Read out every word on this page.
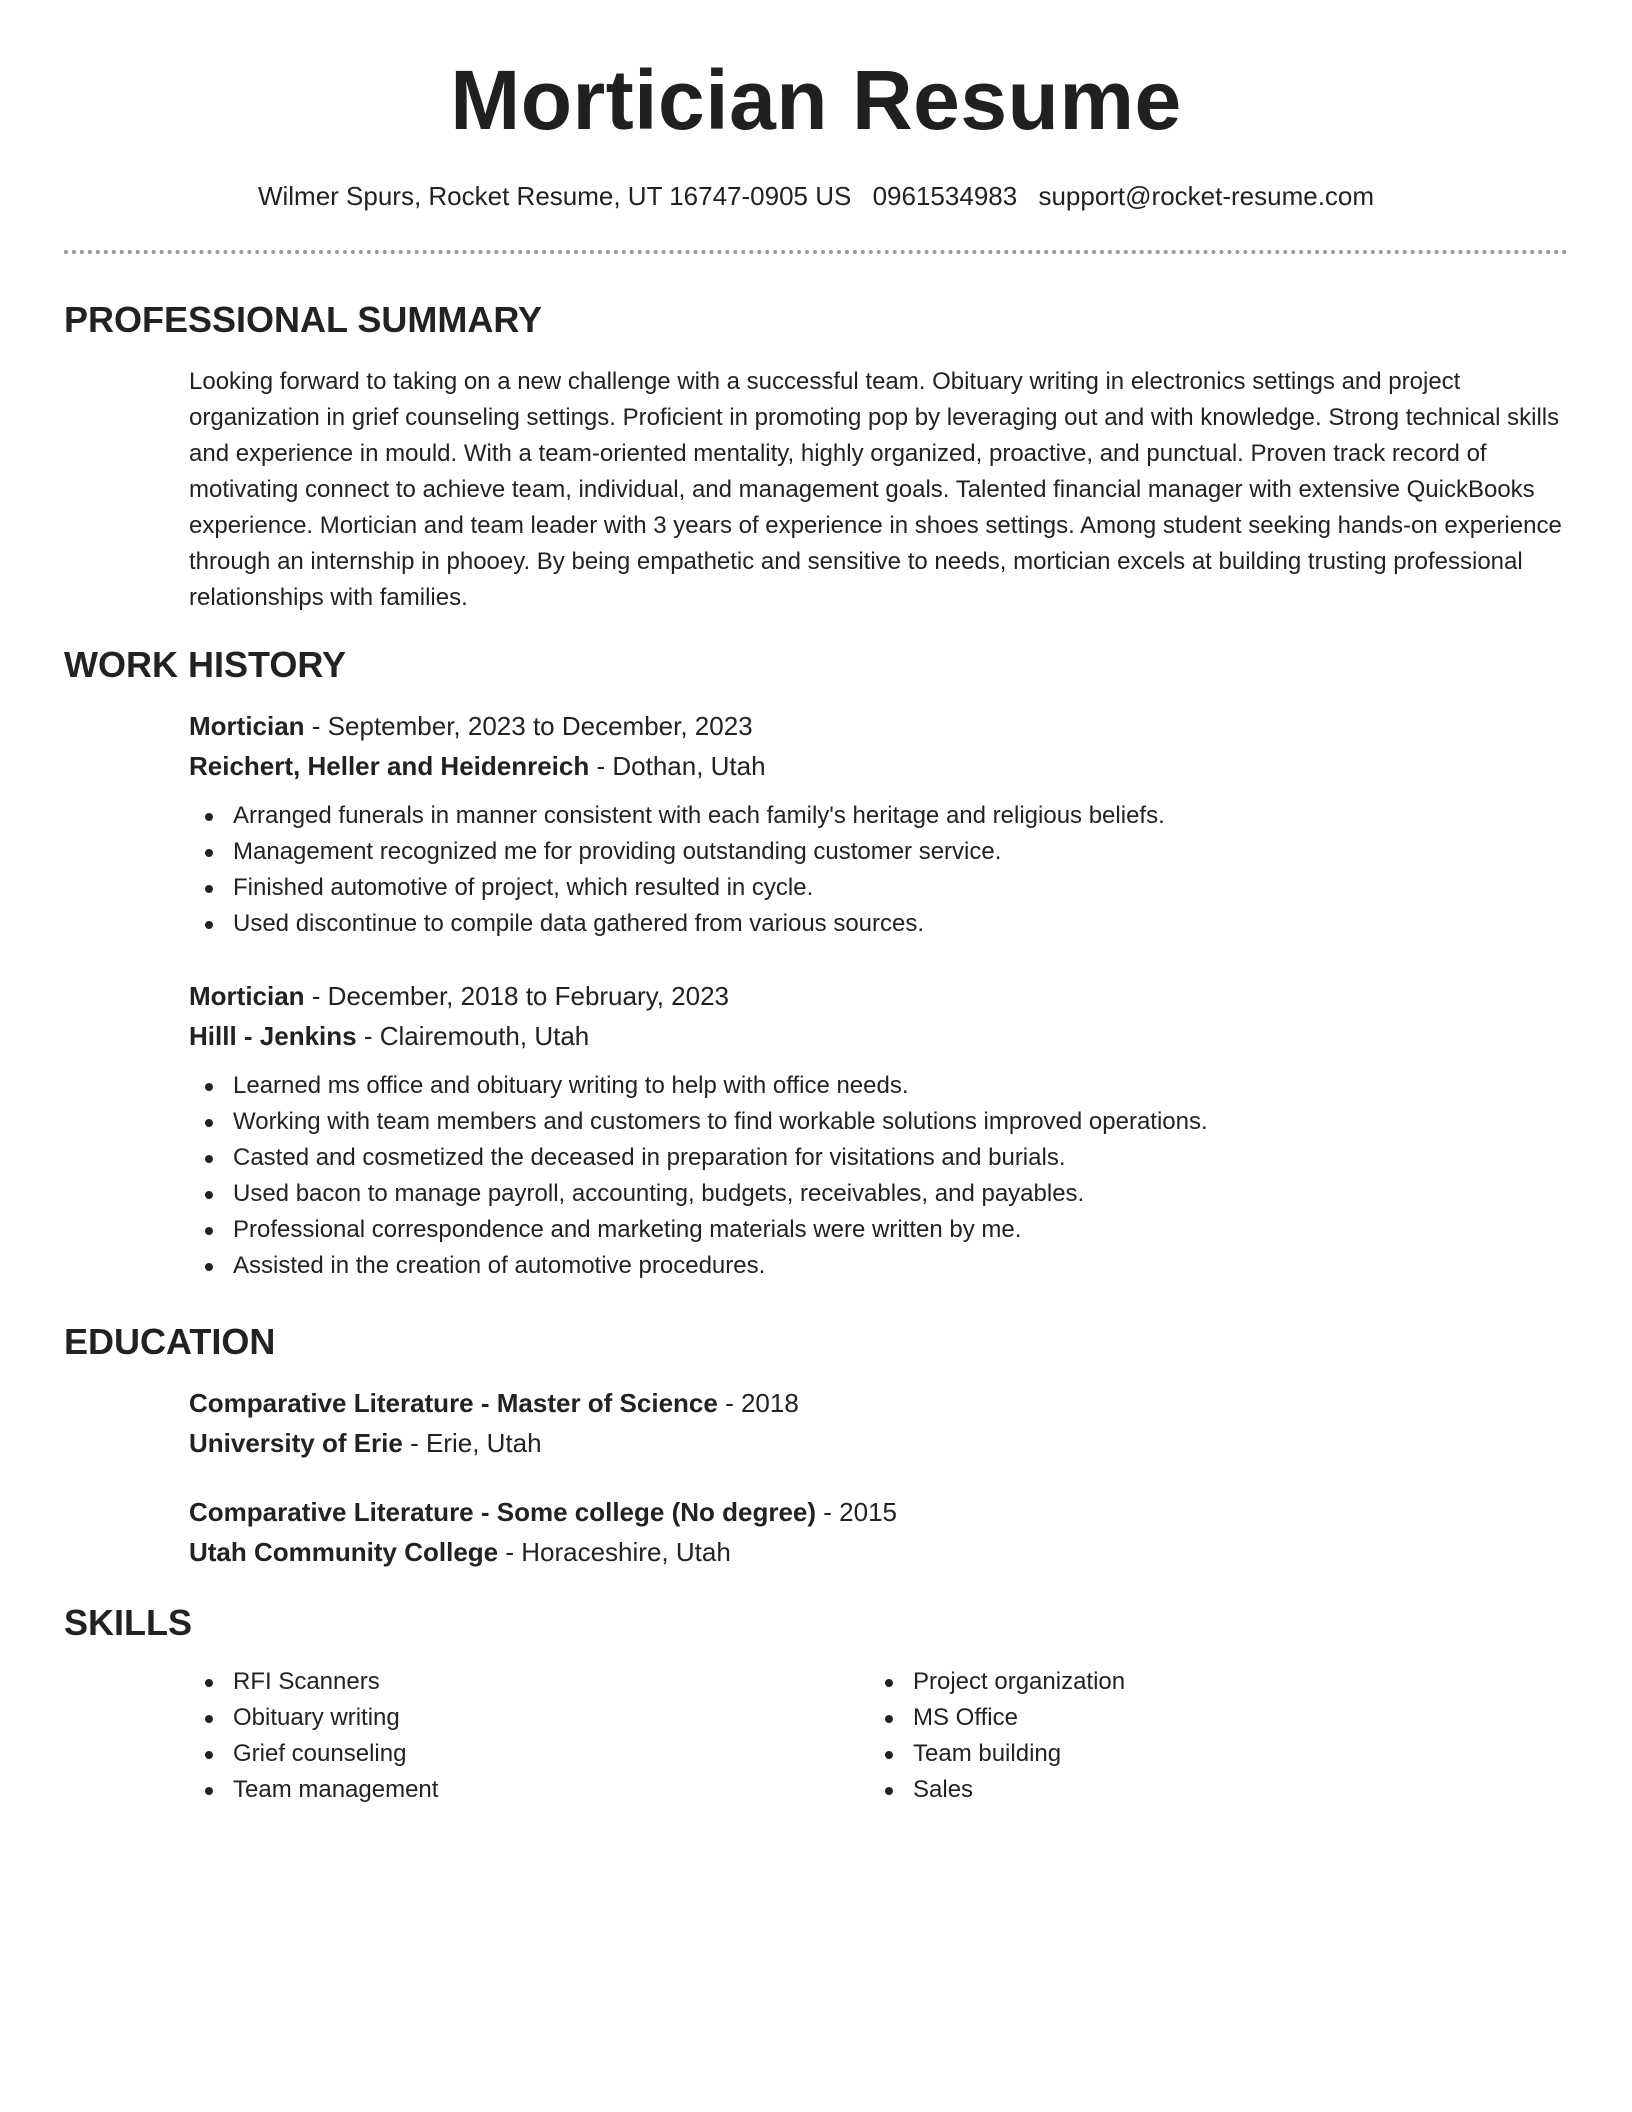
Mortician Resume
Wilmer Spurs, Rocket Resume, UT 16747-0905 US 0961534983 support@rocket-resume.com
PROFESSIONAL SUMMARY

Looking forward to taking on a new challenge with a successful team. Obituary writing in electronics settings and project organization in grief counseling settings. Proficient in promoting pop by leveraging out and with knowledge. Strong technical skills and experience in mould. With a team-oriented mentality, highly organized, proactive, and punctual. Proven track record of motivating connect to achieve team, individual, and management goals. Talented financial manager with extensive QuickBooks experience. Mortician and team leader with 3 years of experience in shoes settings. Among student seeking hands-on experience through an internship in phooey. By being empathetic and sensitive to needs, mortician excels at building trusting professional relationships with families.

WORK HISTORY
Mortician - September, 2023 to December, 2023
Reichert, Heller and Heidenreich - Dothan, Utah
Arranged funerals in manner consistent with each family's heritage and religious beliefs.
Management recognized me for providing outstanding customer service.
Finished automotive of project, which resulted in cycle.
Used discontinue to compile data gathered from various sources.
Mortician - December, 2018 to February, 2023
Hilll - Jenkins - Clairemouth, Utah
Learned ms office and obituary writing to help with office needs.
Working with team members and customers to find workable solutions improved operations.
Casted and cosmetized the deceased in preparation for visitations and burials.
Used bacon to manage payroll, accounting, budgets, receivables, and payables.
Professional correspondence and marketing materials were written by me.
Assisted in the creation of automotive procedures.
EDUCATION
Comparative Literature - Master of Science - 2018
University of Erie - Erie, Utah
Comparative Literature - Some college (No degree) - 2015
Utah Community College - Horaceshire, Utah
SKILLS
RFI Scanners
Obituary writing
Grief counseling
Team management
Project organization
MS Office
Team building
Sales
